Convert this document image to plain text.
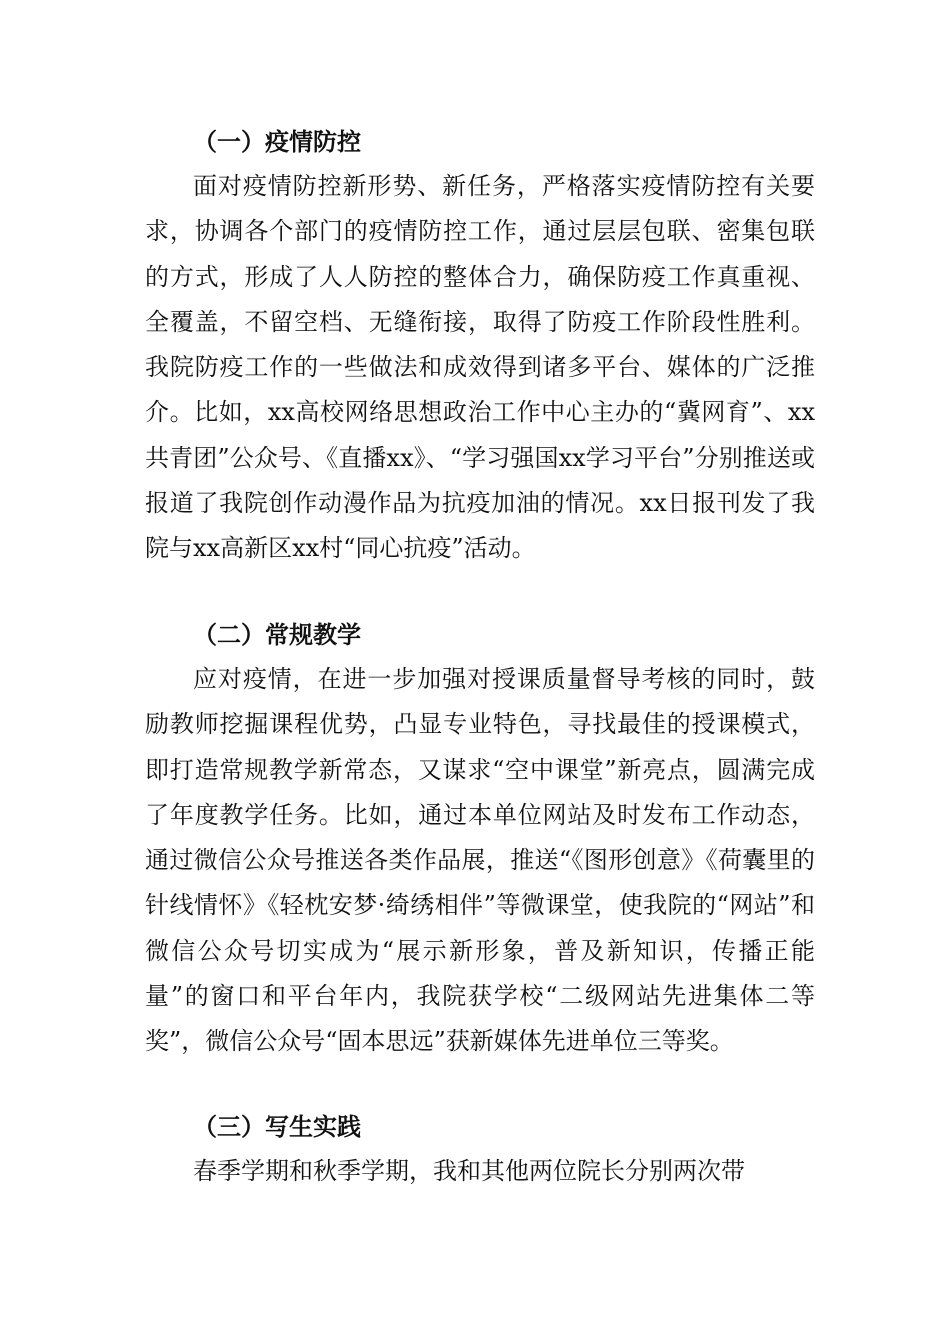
（一）疫情防控

面对疫情防控新形势、新任务，严格落实疫情防控有关要求，协调各个部门的疫情防控工作，通过层层包联、密集包联的方式，形成了人人防控的整体合力，确保防疫工作真重视、全覆盖，不留空档、无缝衔接，取得了防疫工作阶段性胜利。我院防疫工作的一些做法和成效得到诸多平台、媒体的广泛推介。比如，xx高校网络思想政治工作中心主办的“冀网育”、xx共青团”公众号、《直播xx》、“学习强国xx学习平台”分别推送或报道了我院创作动漫作品为抗疫加油的情况。xx日报刊发了我院与xx高新区xx村“同心抗疫”活动。

（二）常规教学

应对疫情，在进一步加强对授课质量督导考核的同时，鼓励教师挖掘课程优势，凸显专业特色，寻找最佳的授课模式，即打造常规教学新常态，又谋求“空中课堂”新亮点，圆满完成了年度教学任务。比如，通过本单位网站及时发布工作动态，通过微信公众号推送各类作品展，推送“《图形创意》《荷囊里的针线情怀》《轻枕安梦·绮绣相伴”等微课堂，使我院的“网站”和微信公众号切实成为“展示新形象，普及新知识，传播正能量”的窗口和平台年内，我院获学校“二级网站先进集体二等奖”，微信公众号“固本思远”获新媒体先进单位三等奖。

（三）写生实践

春季学期和秋季学期，我和其他两位院长分别两次带
